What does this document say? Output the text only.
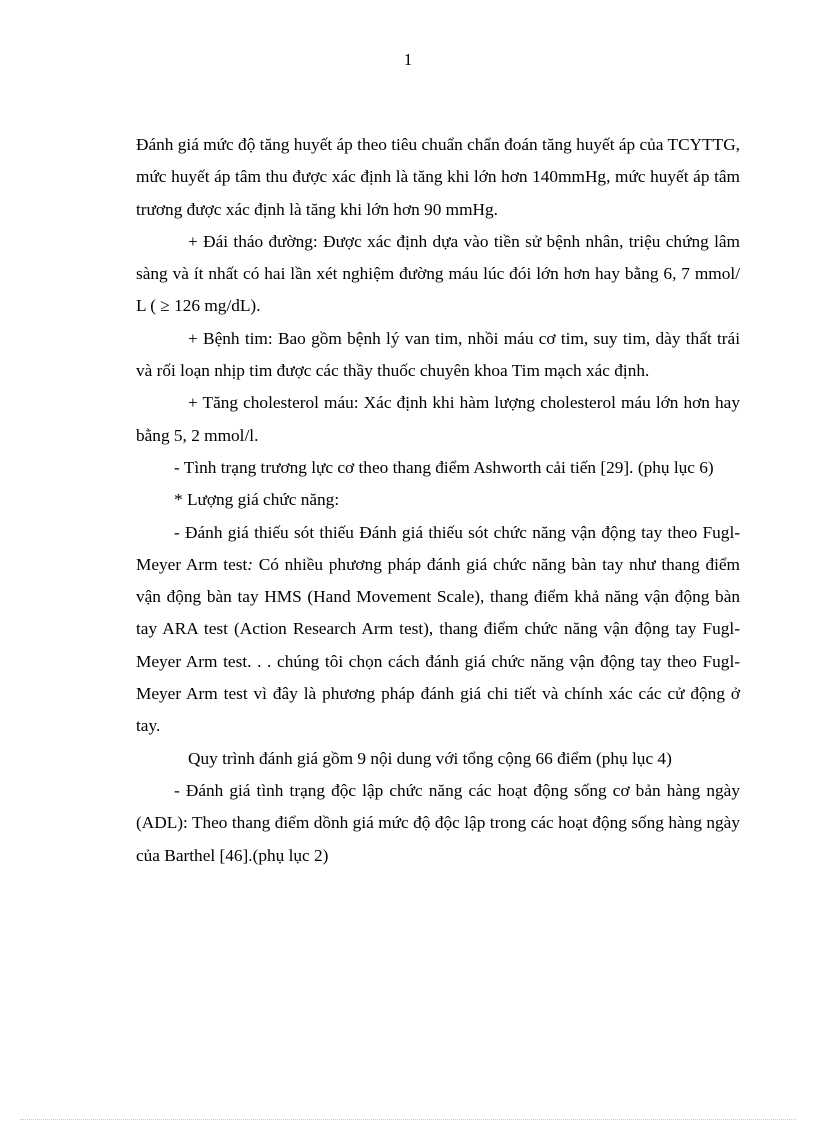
1

Đánh giá mức độ tăng huyết áp theo tiêu chuẩn chẩn đoán tăng huyết áp của TCYTTG, mức huyết áp tâm thu được xác định là tăng khi lớn hơn 140mmHg, mức huyết áp tâm trương được xác định là tăng khi lớn hơn 90 mmHg.

+ Đái tháo đường: Được xác định dựa vào tiền sử bệnh nhân, triệu chứng lâm sàng và ít nhất có hai lần xét nghiệm đường máu lúc đói lớn hơn hay bằng 6, 7 mmol/ L ( ≥ 126 mg/dL).

+ Bệnh tim: Bao gồm bệnh lý van tim, nhồi máu cơ tim, suy tim, dày thất trái và rối loạn nhịp tim được các thầy thuốc chuyên khoa Tim mạch xác định.

+ Tăng cholesterol máu: Xác định khi hàm lượng cholesterol máu lớn hơn hay bằng 5, 2 mmol/l.

- Tình trạng trương lực cơ theo thang điểm Ashworth cải tiến [29]. (phụ lục 6)

* Lượng giá chức năng:

- Đánh giá thiếu sót thiếu Đánh giá thiếu sót chức năng vận động tay theo Fugl- Meyer Arm test: Có nhiều phương pháp đánh giá chức năng bàn tay như thang điểm vận động bàn tay HMS (Hand Movement Scale), thang điểm khả năng vận động bàn tay ARA test (Action Research Arm test), thang điểm chức năng vận động tay Fugl- Meyer Arm test. . . chúng tôi chọn cách đánh giá chức năng vận động tay theo Fugl- Meyer Arm test vì đây là phương pháp đánh giá chi tiết và chính xác các cử động ở tay.

Quy trình đánh giá gồm 9 nội dung với tổng cộng 66 điểm (phụ lục 4)

- Đánh giá tình trạng độc lập chức năng các hoạt động sống cơ bản hàng ngày (ADL): Theo thang điểm dồnh giá mức độ độc lập trong các hoạt động sống hàng ngày của Barthel [46].(phụ lục 2)
